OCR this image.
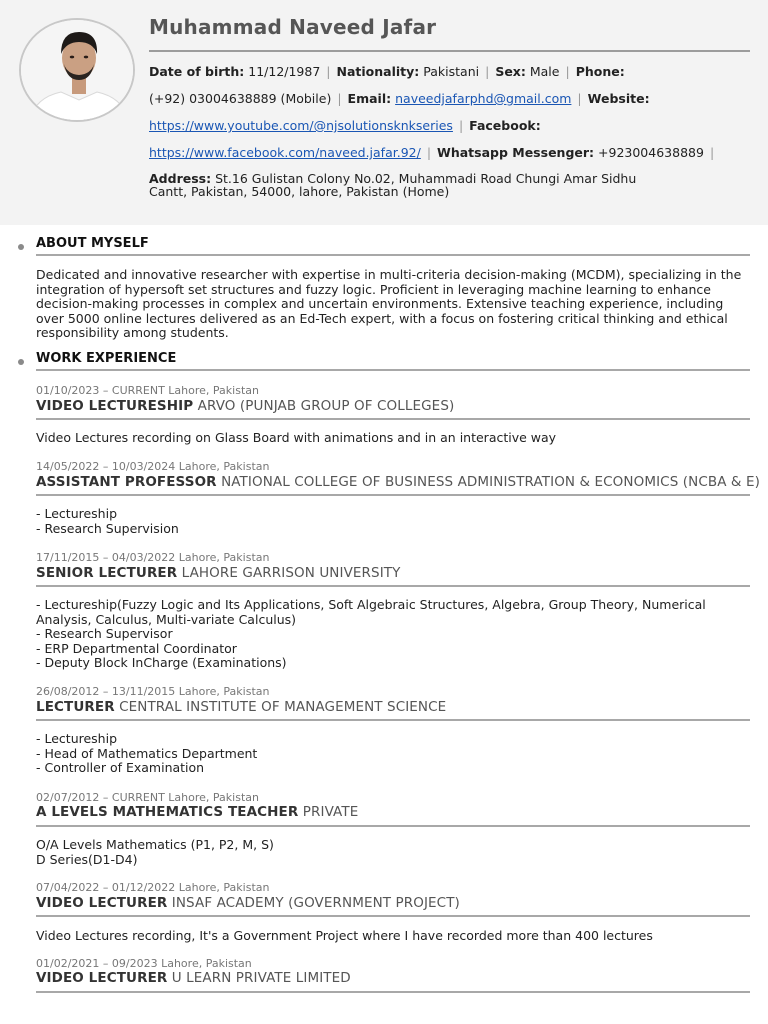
Muhammad Naveed Jafar
Date of birth: 11/12/1987 | Nationality: Pakistani | Sex: Male | Phone:
(+92) 03004638889 (Mobile) | Email: naveedjafarphd@gmail.com | Website:
https://www.youtube.com/@njsolutionsknkseries | Facebook:
https://www.facebook.com/naveed.jafar.92/ | Whatsapp Messenger: +923004638889 |
Address: St.16 Gulistan Colony No.02, Muhammadi Road Chungi Amar Sidhu Cantt, Pakistan, 54000, lahore, Pakistan (Home)
ABOUT MYSELF
Dedicated and innovative researcher with expertise in multi-criteria decision-making (MCDM), specializing in the integration of hypersoft set structures and fuzzy logic. Proficient in leveraging machine learning to enhance decision-making processes in complex and uncertain environments. Extensive teaching experience, including over 5000 online lectures delivered as an Ed-Tech expert, with a focus on fostering critical thinking and ethical responsibility among students.
WORK EXPERIENCE
01/10/2023 – CURRENT Lahore, Pakistan
VIDEO LECTURESHIP ARVO (PUNJAB GROUP OF COLLEGES)
Video Lectures recording on Glass Board with animations and in an interactive way
14/05/2022 – 10/03/2024 Lahore, Pakistan
ASSISTANT PROFESSOR NATIONAL COLLEGE OF BUSINESS ADMINISTRATION & ECONOMICS (NCBA & E)
- Lectureship
- Research Supervision
17/11/2015 – 04/03/2022 Lahore, Pakistan
SENIOR LECTURER LAHORE GARRISON UNIVERSITY
- Lectureship(Fuzzy Logic and Its Applications, Soft Algebraic Structures, Algebra, Group Theory, Numerical Analysis, Calculus, Multi-variate Calculus)
- Research Supervisor
- ERP Departmental Coordinator
- Deputy Block InCharge (Examinations)
26/08/2012 – 13/11/2015 Lahore, Pakistan
LECTURER CENTRAL INSTITUTE OF MANAGEMENT SCIENCE
- Lectureship
- Head of Mathematics Department
- Controller of Examination
02/07/2012 – CURRENT Lahore, Pakistan
A LEVELS MATHEMATICS TEACHER PRIVATE
O/A Levels Mathematics (P1, P2, M, S)
D Series(D1-D4)
07/04/2022 – 01/12/2022 Lahore, Pakistan
VIDEO LECTURER INSAF ACADEMY (GOVERNMENT PROJECT)
Video Lectures recording, It's a Government Project where I have recorded more than 400 lectures
01/02/2021 – 09/2023 Lahore, Pakistan
VIDEO LECTURER U LEARN PRIVATE LIMITED
